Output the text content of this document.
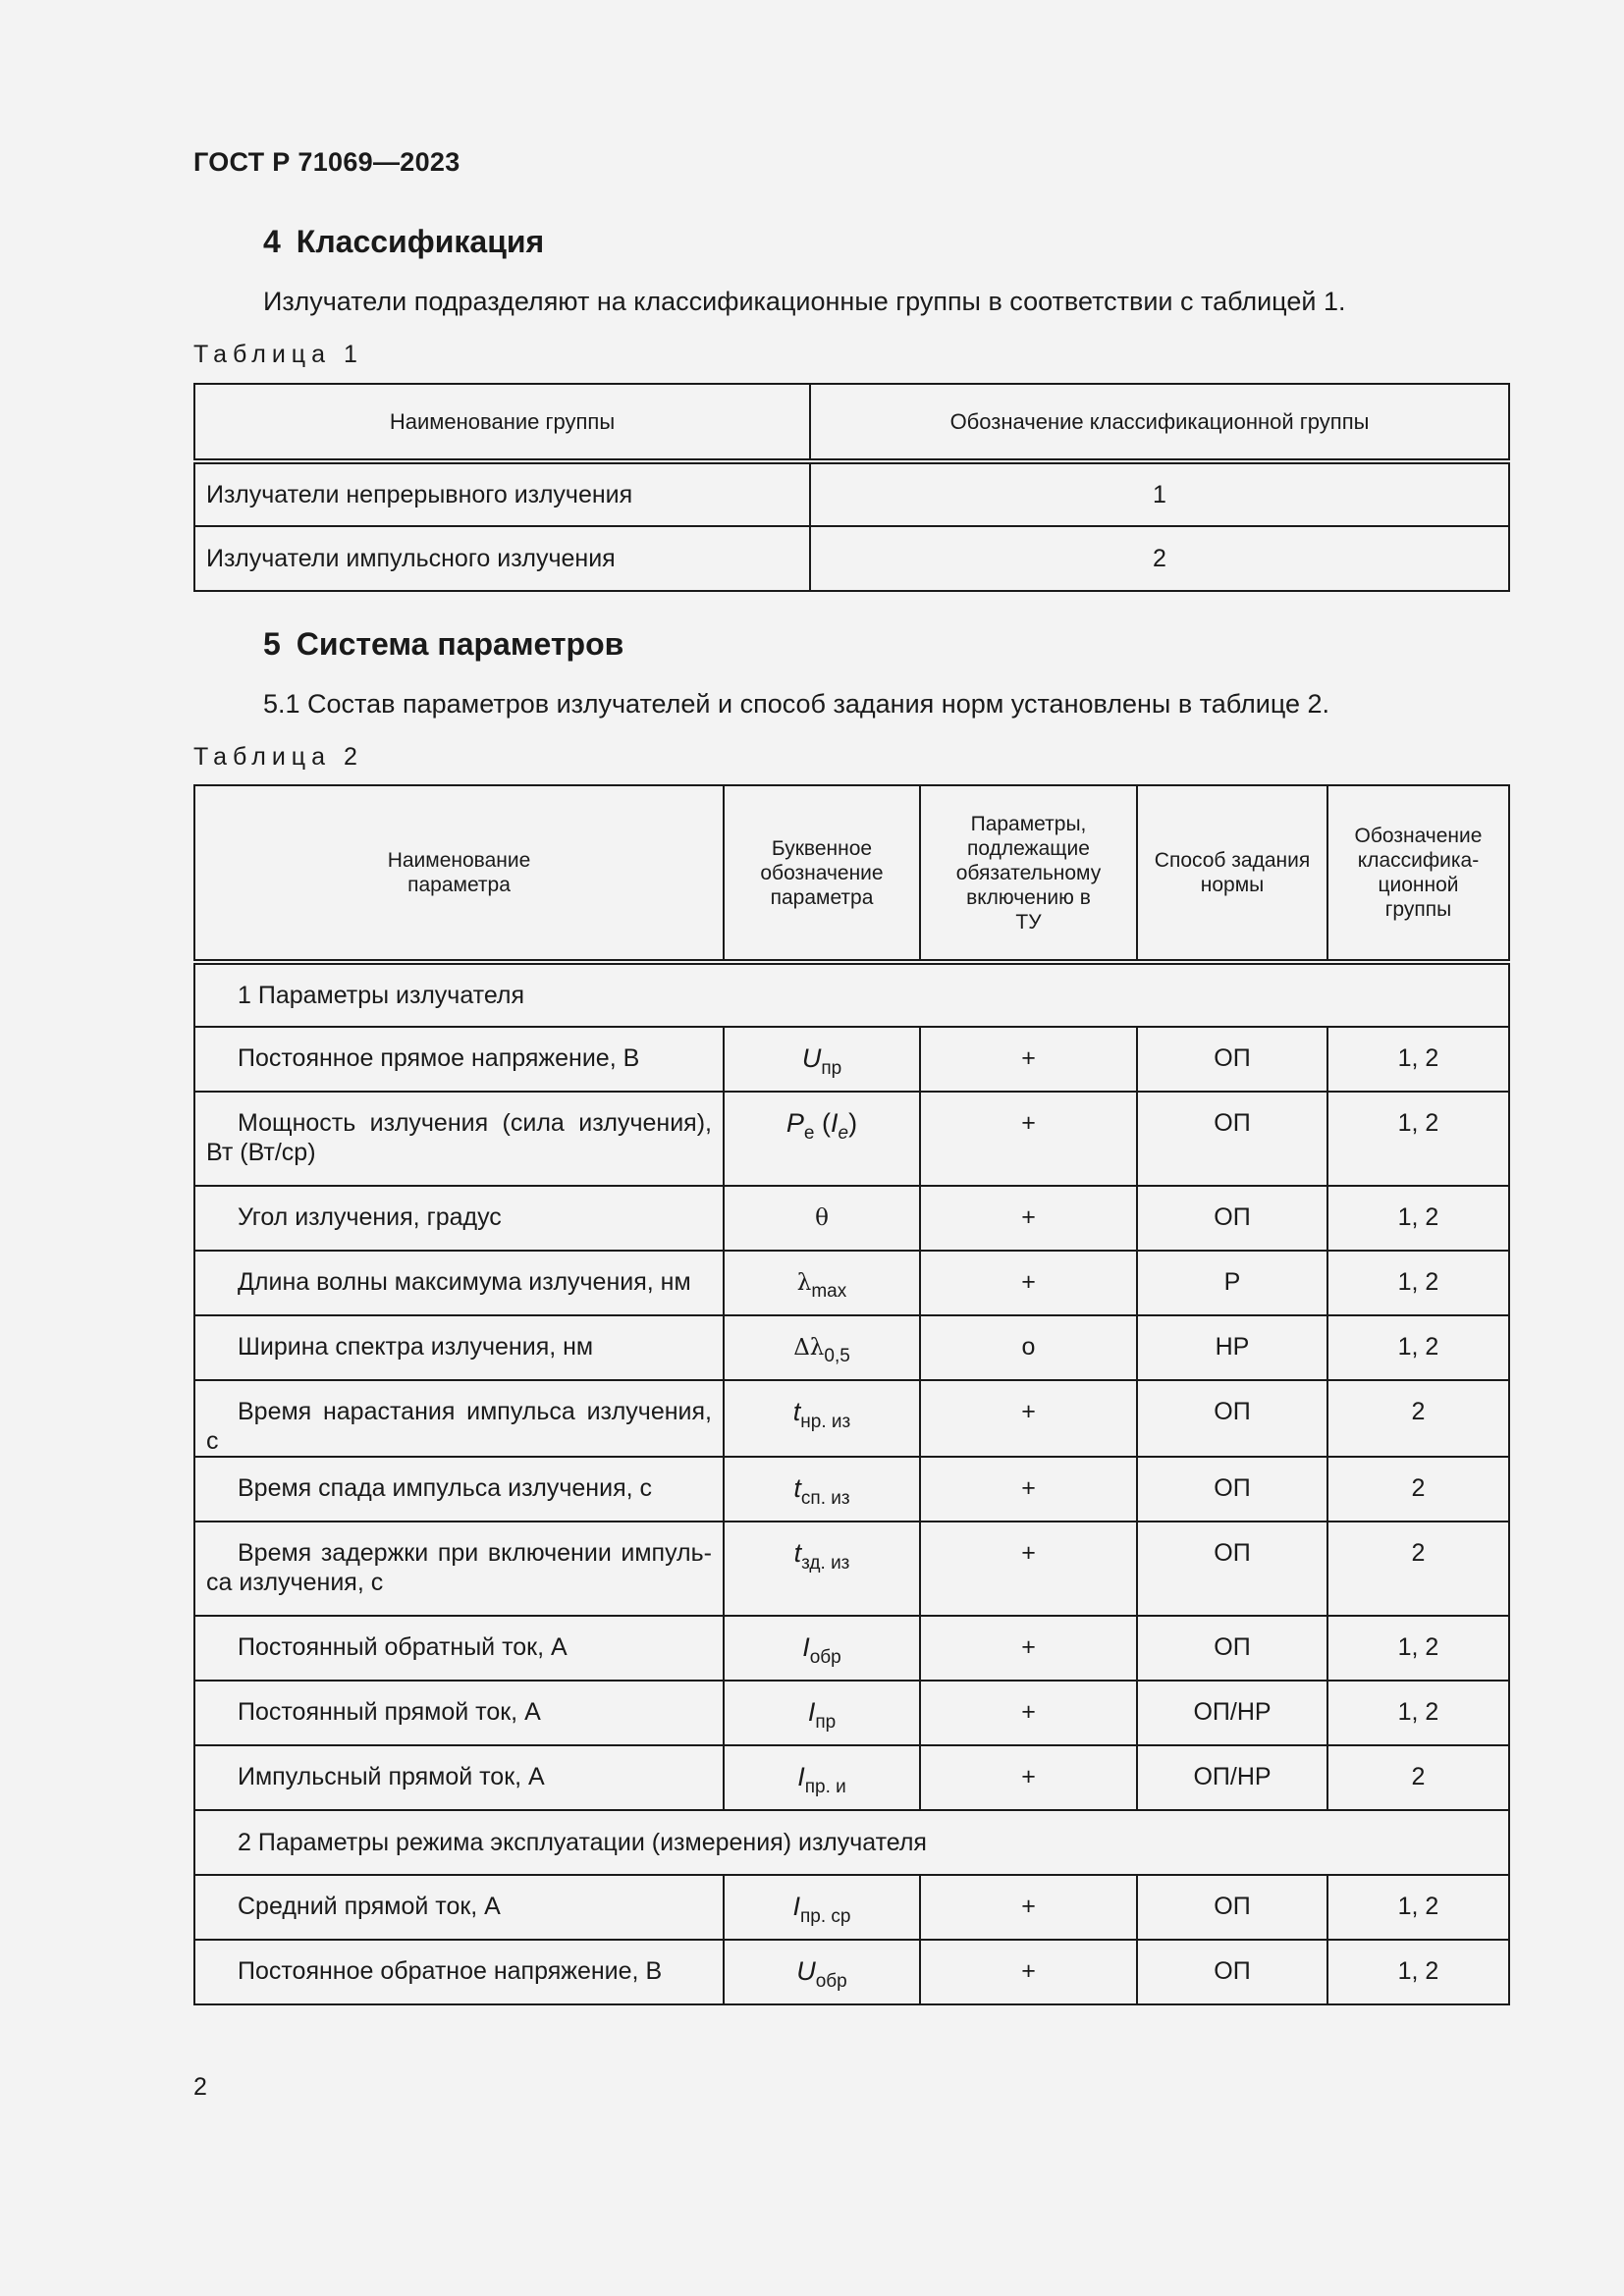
ГОСТ Р 71069—2023
4 Классификация
Излучатели подразделяют на классификационные группы в соответствии с таблицей 1.
Таблица 1
Наименование группы	Обозначение классификационной группы
Излучатели непрерывного излучения	1
Излучатели импульсного излучения	2
5 Система параметров
5.1 Состав параметров излучателей и способ задания норм установлены в таблице 2.
Таблица 2
Наименование параметра	Буквенное обозначение параметра	Параметры, подлежащие обязательному включению в ТУ	Способ задания нормы	Обозначение классифика-ционной группы

1 Параметры излучателя				

Постоянное прямое напряжение, В	$U_{пр}$	+	ОП	1, 2

Мощность излучения (сила излучения), Вт (Вт/ср)	$P_e$ $(I_e)$	+	ОП	1, 2

Угол излучения, градус	θ	+	ОП	1, 2

Длина волны максимума излучения, нм	$\lambda_{max}$	+	Р	1, 2

Ширина спектра излучения, нм	$\Delta\lambda_{0,5}$	о	НР	1, 2

Время нарастания импульса излучения, с	$t_{нр. из}$	+	ОП	2

Время спада импульса излучения, с	$t_{сп. из}$	+	ОП	2

Время задержки при включении импуль-са излучения, с	$t_{зд. из}$	+	ОП	2

Постоянный обратный ток, А	$I_{обр}$	+	ОП	1, 2

Постоянный прямой ток, А	$I_{пр}$	+	ОП/НР	1, 2

Импульсный прямой ток, А	$I_{пр. и}$	+	ОП/НР	2

2 Параметры режима эксплуатации (измерения) излучателя				

Средний прямой ток, А	$I_{пр. ср}$	+	ОП	1, 2

Постоянное обратное напряжение, В	$U_{обр}$	+	ОП	1, 2
2
